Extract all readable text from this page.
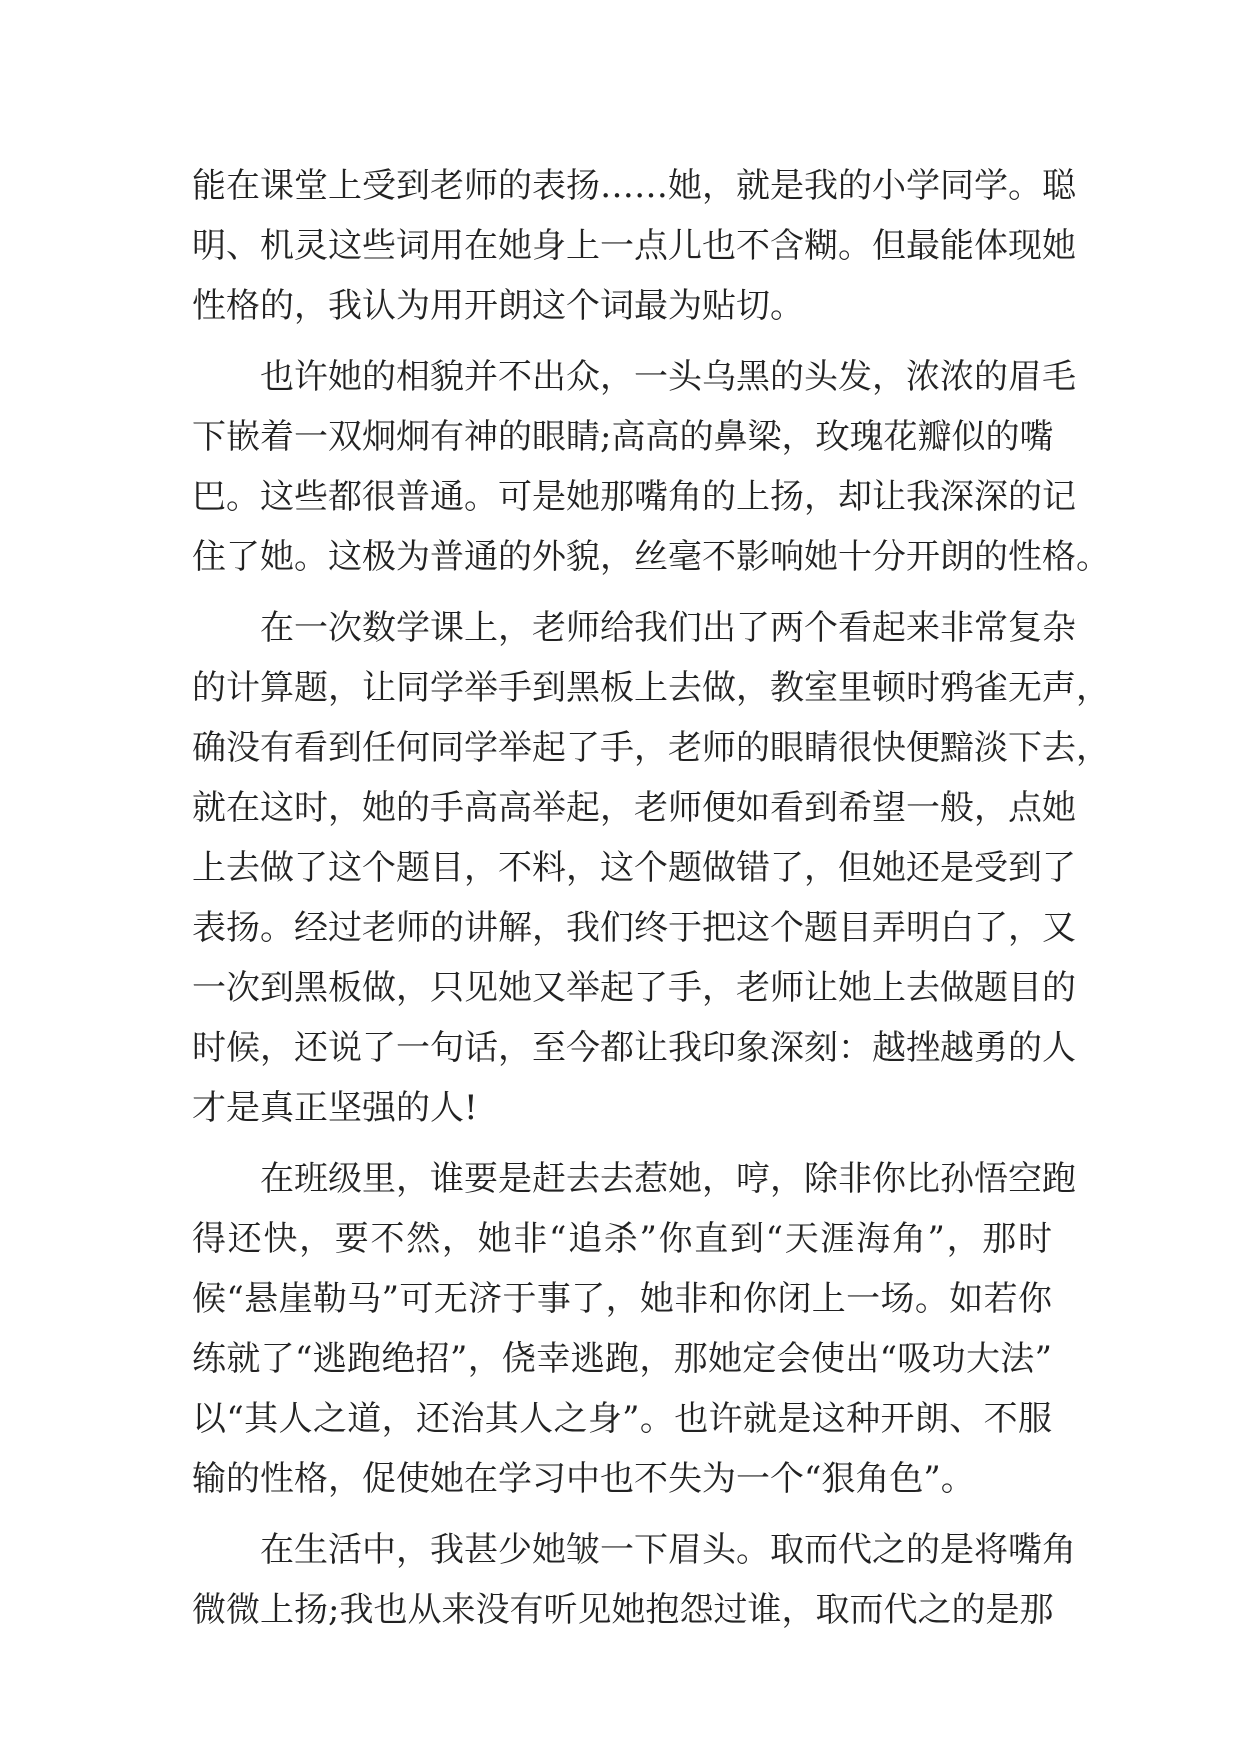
能在课堂上受到老师的表扬……她，就是我的小学同学。聪
明、机灵这些词用在她身上一点儿也不含糊。但最能体现她
性格的，我认为用开朗这个词最为贴切。
也许她的相貌并不出众，一头乌黑的头发，浓浓的眉毛
下嵌着一双炯炯有神的眼睛;高高的鼻梁，玫瑰花瓣似的嘴
巴。这些都很普通。可是她那嘴角的上扬，却让我深深的记
住了她。这极为普通的外貌，丝毫不影响她十分开朗的性格。
在一次数学课上，老师给我们出了两个看起来非常复杂
的计算题，让同学举手到黑板上去做，教室里顿时鸦雀无声，
确没有看到任何同学举起了手，老师的眼睛很快便黯淡下去，
就在这时，她的手高高举起，老师便如看到希望一般，点她
上去做了这个题目，不料，这个题做错了，但她还是受到了
表扬。经过老师的讲解，我们终于把这个题目弄明白了，又
一次到黑板做，只见她又举起了手，老师让她上去做题目的
时候，还说了一句话，至今都让我印象深刻：越挫越勇的人
才是真正坚强的人!
在班级里，谁要是赶去去惹她，哼，除非你比孙悟空跑
得还快，要不然，她非“追杀”你直到“天涯海角”，那时
候“悬崖勒马”可无济于事了，她非和你闭上一场。如若你
练就了“逃跑绝招”，侥幸逃跑，那她定会使出“吸功大法”
以“其人之道，还治其人之身”。也许就是这种开朗、不服
输的性格，促使她在学习中也不失为一个“狠角色”。
在生活中，我甚少她皱一下眉头。取而代之的是将嘴角
微微上扬;我也从来没有听见她抱怨过谁，取而代之的是那
